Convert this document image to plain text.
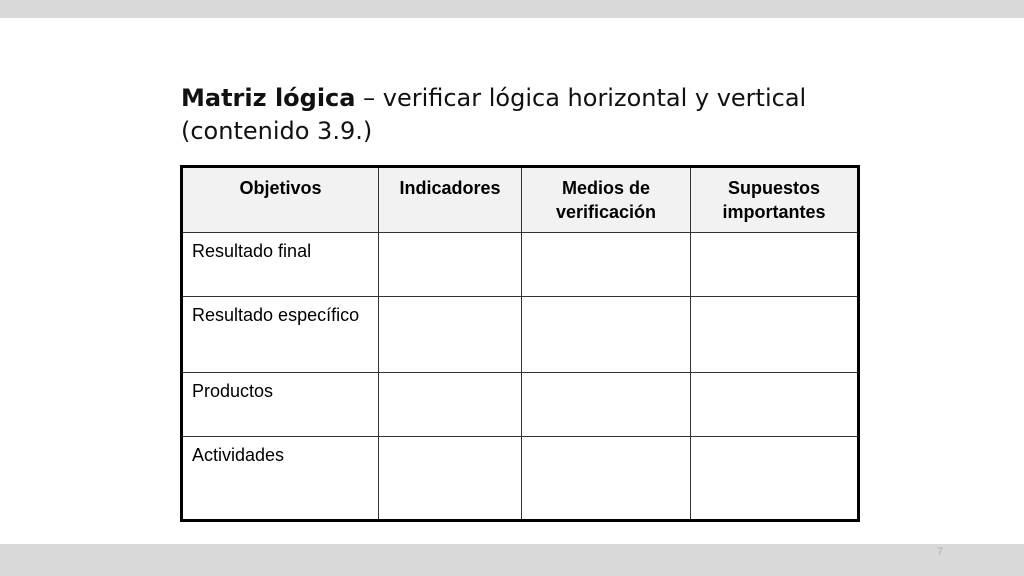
Matriz lógica – verificar lógica horizontal y vertical (contenido 3.9.)
Objetivos	Indicadores	Medios de verificación	Supuestos importantes
Resultado final			
Resultado específico			
Productos			
Actividades			
7
